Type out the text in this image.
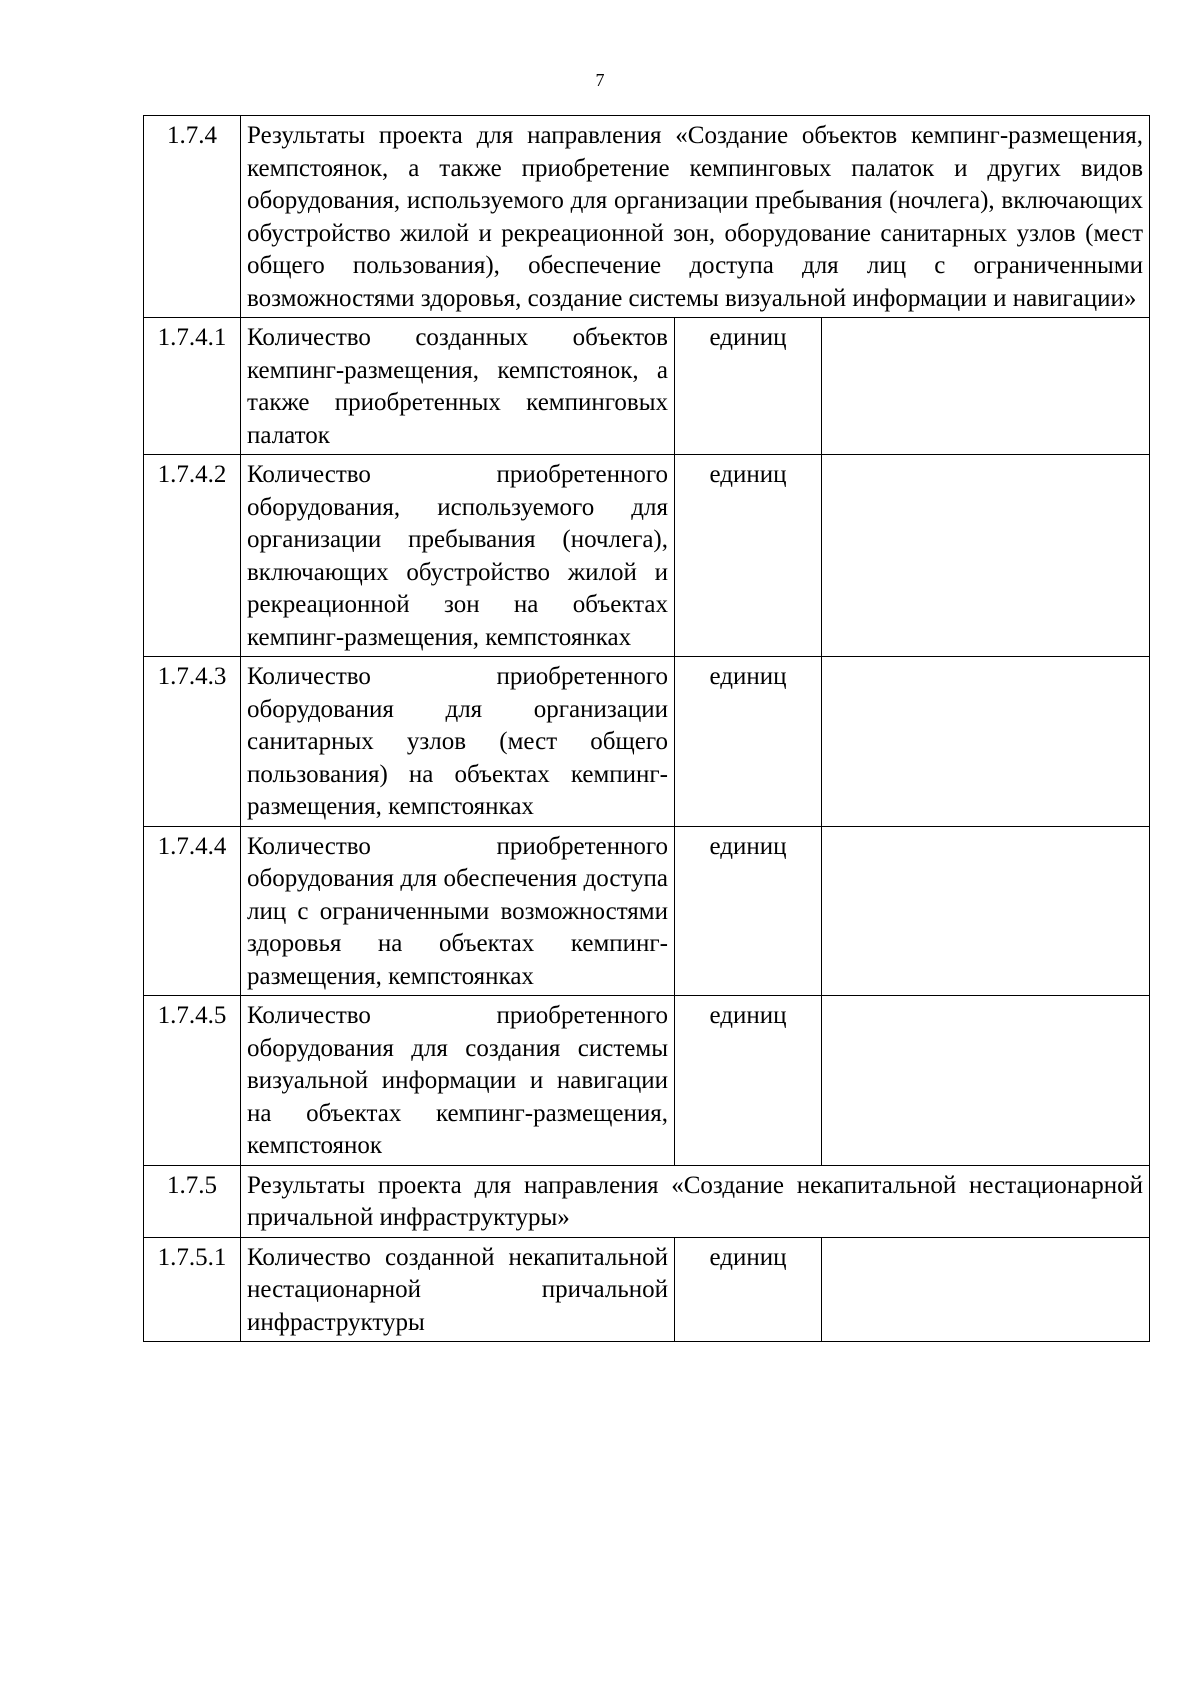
7
1.7.4	Результаты проекта для направления «Создание объектов кемпинг-размещения, кемпстоянок, а также приобретение кемпинговых палаток и других видов оборудования, используемого для организации пребывания (ночлега), включающих обустройство жилой и рекреационной зон, оборудование санитарных узлов (мест общего пользования), обеспечение доступа для лиц с ограниченными возможностями здоровья, создание системы визуальной информации и навигации»		
1.7.4.1	Количество созданных объектов кемпинг-размещения, кемпстоянок, а также приобретенных кемпинговых палаток	единиц	
1.7.4.2	Количество приобретенного оборудования, используемого для организации пребывания (ночлега), включающих обустройство жилой и рекреационной зон на объектах кемпинг-размещения, кемпстоянках	единиц	
1.7.4.3	Количество приобретенного оборудования для организации санитарных узлов (мест общего пользования) на объектах кемпинг-размещения, кемпстоянках	единиц	
1.7.4.4	Количество приобретенного оборудования для обеспечения доступа лиц с ограниченными возможностями здоровья на объектах кемпинг-размещения, кемпстоянках	единиц	
1.7.4.5	Количество приобретенного оборудования для создания системы визуальной информации и навигации на объектах кемпинг-размещения, кемпстоянок	единиц	
1.7.5	Результаты проекта для направления «Создание некапитальной нестационарной причальной инфраструктуры»		
1.7.5.1	Количество созданной некапитальной нестационарной причальной инфраструктуры	единиц	
